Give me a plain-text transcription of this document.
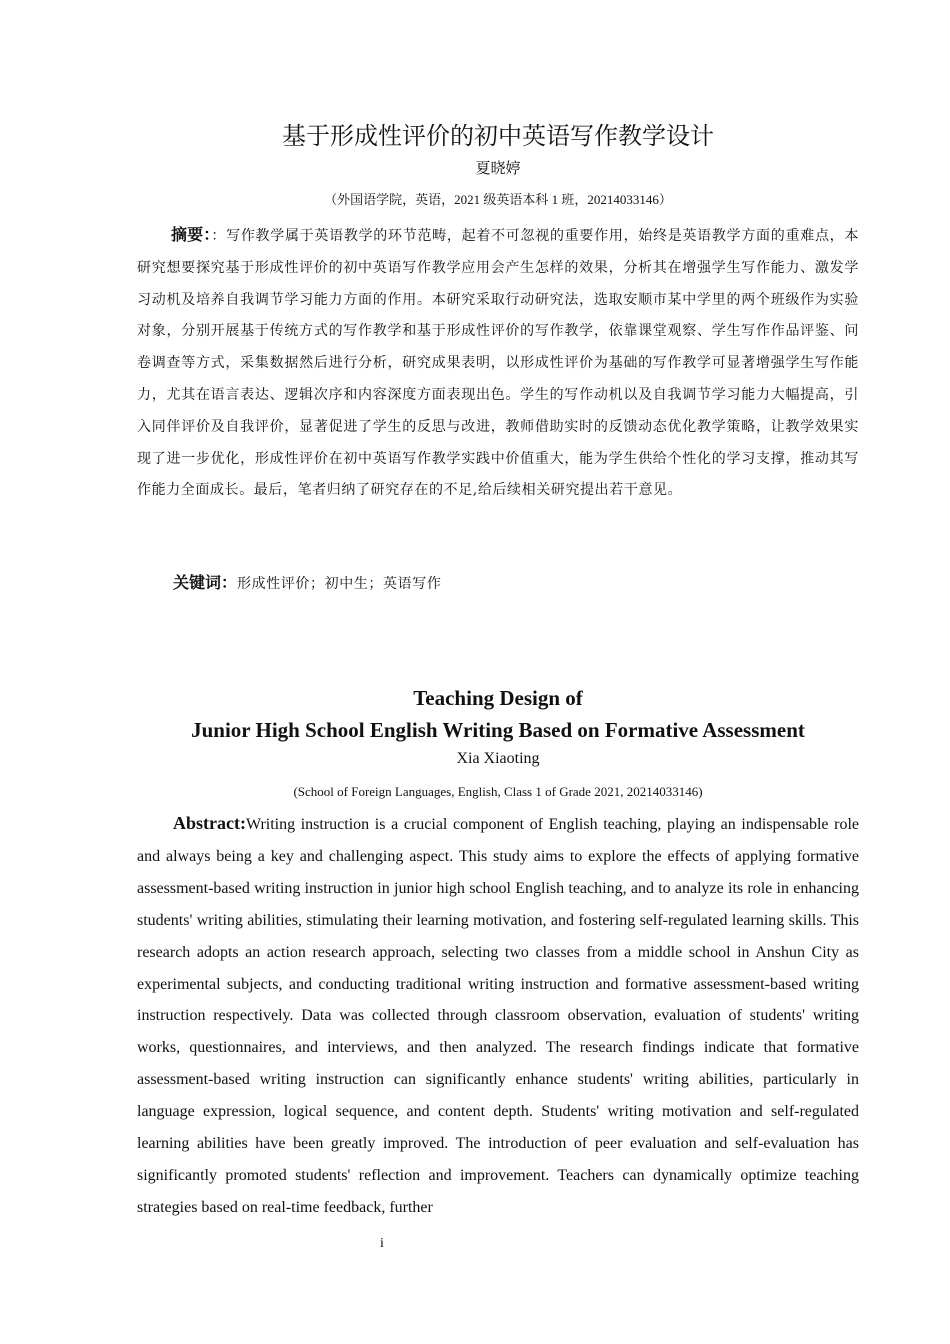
基于形成性评价的初中英语写作教学设计
夏晓婷
（外国语学院，英语，2021 级英语本科 1 班，20214033146）
摘要：：写作教学属于英语教学的环节范畴，起着不可忽视的重要作用，始终是英语教学方面的重难点，本研究想要探究基于形成性评价的初中英语写作教学应用会产生怎样的效果，分析其在增强学生写作能力、激发学习动机及培养自我调节学习能力方面的作用。本研究采取行动研究法，选取安顺市某中学里的两个班级作为实验对象，分别开展基于传统方式的写作教学和基于形成性评价的写作教学，依靠课堂观察、学生写作作品评鉴、问卷调查等方式，采集数据然后进行分析，研究成果表明，以形成性评价为基础的写作教学可显著增强学生写作能力，尤其在语言表达、逻辑次序和内容深度方面表现出色。学生的写作动机以及自我调节学习能力大幅提高，引入同伴评价及自我评价，显著促进了学生的反思与改进，教师借助实时的反馈动态优化教学策略，让教学效果实现了进一步优化，形成性评价在初中英语写作教学实践中价值重大，能为学生供给个性化的学习支撑，推动其写作能力全面成长。最后，笔者归纳了研究存在的不足,给后续相关研究提出若干意见。
关键词：形成性评价；初中生；英语写作
Teaching Design of
Junior High School English Writing Based on Formative Assessment
Xia Xiaoting
(School of Foreign Languages, English, Class 1 of Grade 2021, 20214033146)
Abstract:Writing instruction is a crucial component of English teaching, playing an indispensable role and always being a key and challenging aspect. This study aims to explore the effects of applying formative assessment-based writing instruction in junior high school English teaching, and to analyze its role in enhancing students' writing abilities, stimulating their learning motivation, and fostering self-regulated learning skills. This research adopts an action research approach, selecting two classes from a middle school in Anshun City as experimental subjects, and conducting traditional writing instruction and formative assessment-based writing instruction respectively. Data was collected through classroom observation, evaluation of students' writing works, questionnaires, and interviews, and then analyzed. The research findings indicate that formative assessment-based writing instruction can significantly enhance students' writing abilities, particularly in language expression, logical sequence, and content depth. Students' writing motivation and self-regulated learning abilities have been greatly improved. The introduction of peer evaluation and self-evaluation has significantly promoted students' reflection and improvement. Teachers can dynamically optimize teaching strategies based on real-time feedback, further
i
